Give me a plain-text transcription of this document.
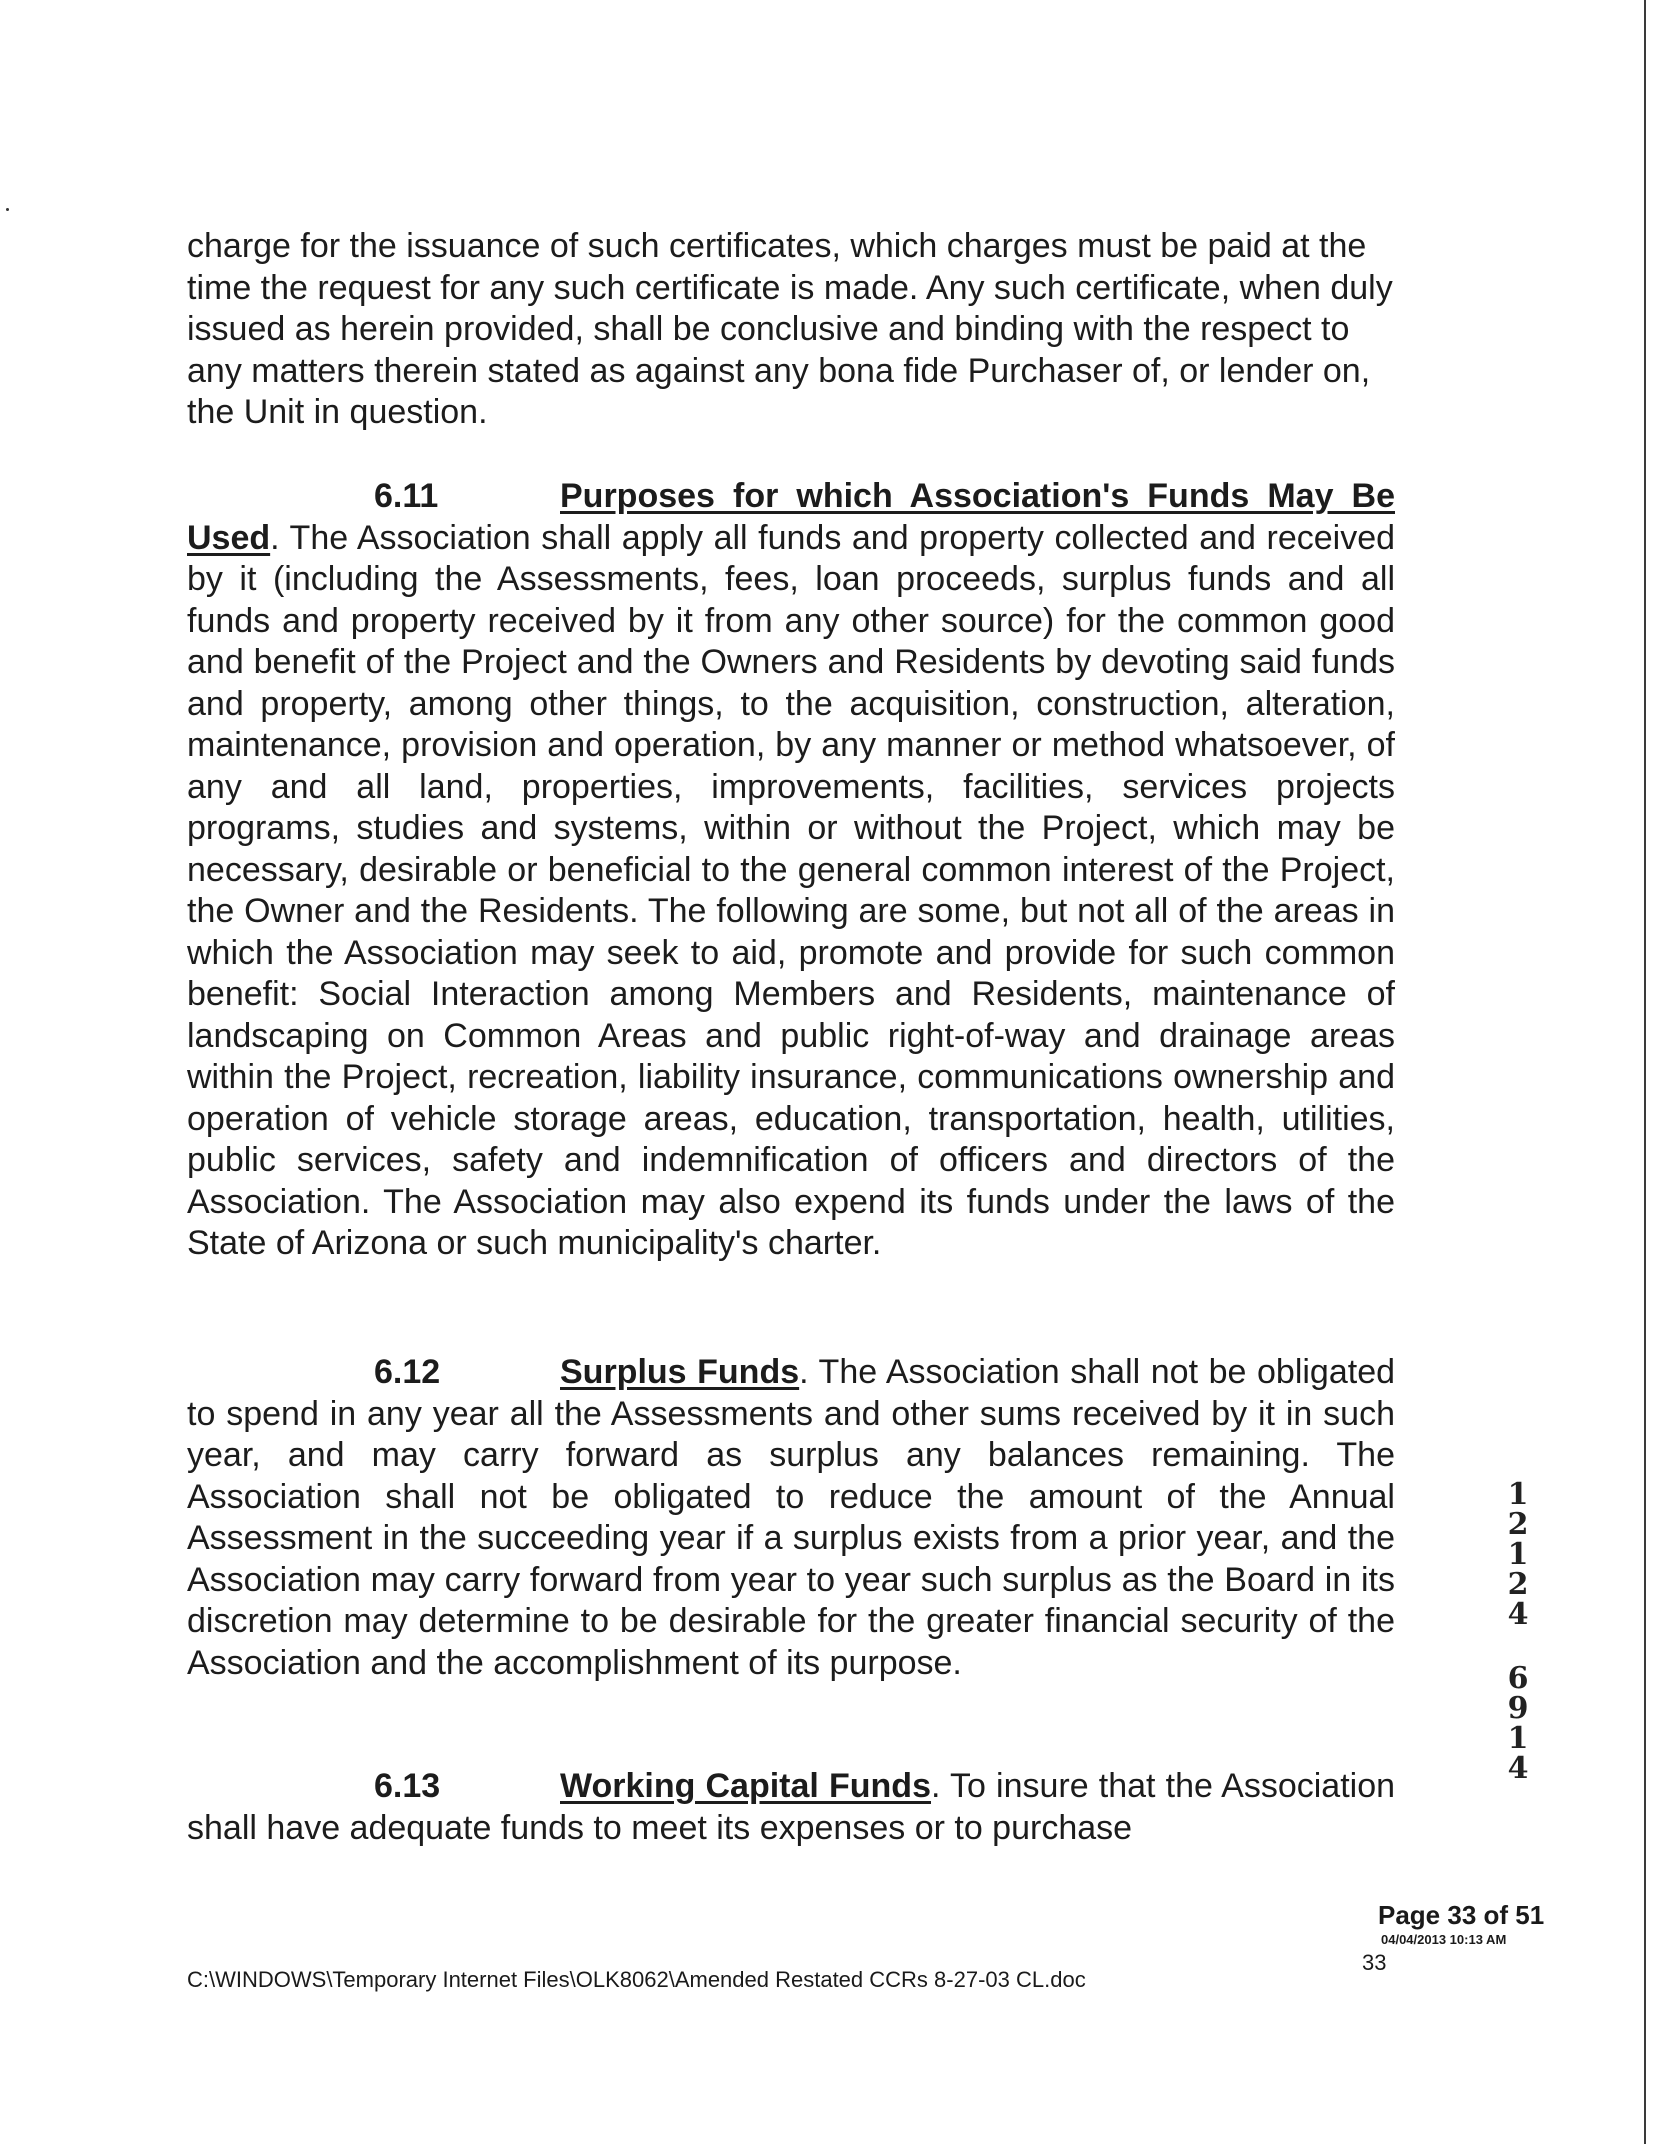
charge for the issuance of such certificates, which charges must be paid at the time the request for any such certificate is made. Any such certificate, when duly issued as herein provided, shall be conclusive and binding with the respect to any matters therein stated as against any bona fide Purchaser of, or lender on, the Unit in question.

6.11	Purposes for which Association's Funds May Be Used. The Association shall apply all funds and property collected and received by it (including the Assessments, fees, loan proceeds, surplus funds and all funds and property received by it from any other source) for the common good and benefit of the Project and the Owners and Residents by devoting said funds and property, among other things, to the acquisition, construction, alteration, maintenance, provision and operation, by any manner or method whatsoever, of any and all land, properties, improvements, facilities, services projects programs, studies and systems, within or without the Project, which may be necessary, desirable or beneficial to the general common interest of the Project, the Owner and the Residents. The following are some, but not all of the areas in which the Association may seek to aid, promote and provide for such common benefit: Social Interaction among Members and Residents, maintenance of landscaping on Common Areas and public right-of-way and drainage areas within the Project, recreation, liability insurance, communications ownership and operation of vehicle storage areas, education, transportation, health, utilities, public services, safety and indemnification of officers and directors of the Association. The Association may also expend its funds under the laws of the State of Arizona or such municipality's charter.

6.12	Surplus Funds. The Association shall not be obligated to spend in any year all the Assessments and other sums received by it in such year, and may carry forward as surplus any balances remaining. The Association shall not be obligated to reduce the amount of the Annual Assessment in the succeeding year if a surplus exists from a prior year, and the Association may carry forward from year to year such surplus as the Board in its discretion may determine to be desirable for the greater financial security of the Association and the accomplishment of its purpose.

6.13	Working Capital Funds. To insure that the Association shall have adequate funds to meet its expenses or to purchase

1
2
1
2
4
6
9
1
4
Page 33 of 51
04/04/2013 10:13 AM
33
C:\WINDOWS\Temporary Internet Files\OLK8062\Amended Restated CCRs 8-27-03 CL.doc
